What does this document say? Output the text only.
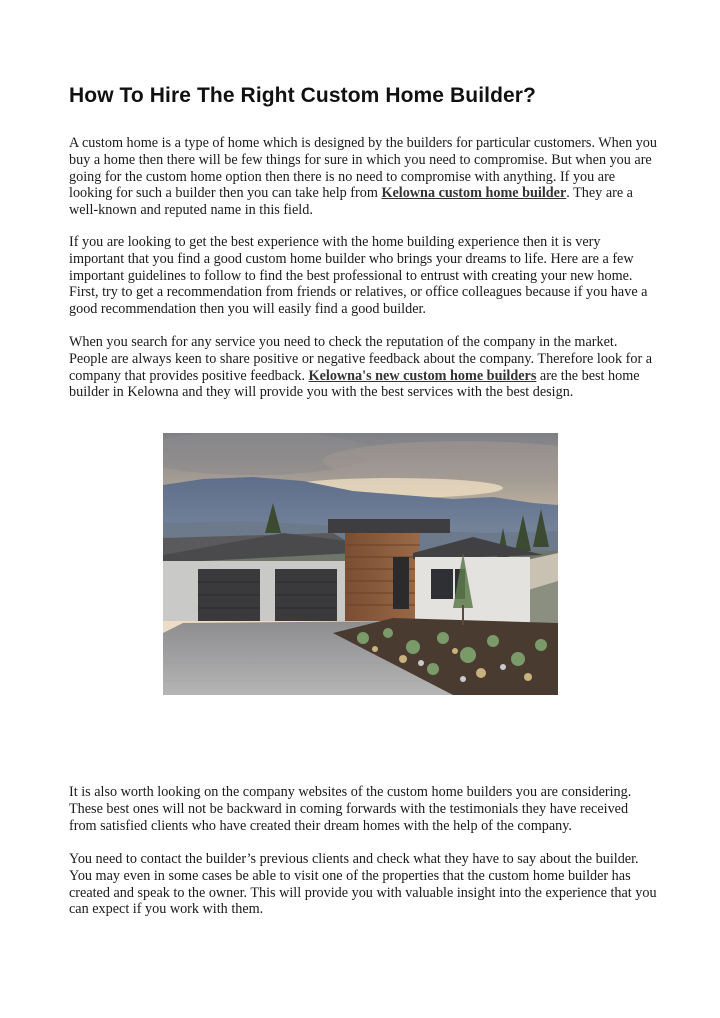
How To Hire The Right Custom Home Builder?

A custom home is a type of home which is designed by the builders for particular customers. When you buy a home then there will be few things for sure in which you need to compromise. But when you are going for the custom home option then there is no need to compromise with anything. If you are looking for such a builder then you can take help from Kelowna custom home builder. They are a well-known and reputed name in this field.

If you are looking to get the best experience with the home building experience then it is very important that you find a good custom home builder who brings your dreams to life. Here are a few important guidelines to follow to find the best professional to entrust with creating your new home. First, try to get a recommendation from friends or relatives, or office colleagues because if you have a good recommendation then you will easily find a good builder.

When you search for any service you need to check the reputation of the company in the market. People are always keen to share positive or negative feedback about the company. Therefore look for a company that provides positive feedback. Kelowna's new custom home builders are the best home builder in Kelowna and they will provide you with the best services with the best design.

It is also worth looking on the company websites of the custom home builders you are considering. These best ones will not be backward in coming forwards with the testimonials they have received from satisfied clients who have created their dream homes with the help of the company.

You need to contact the builder’s previous clients and check what they have to say about the builder. You may even in some cases be able to visit one of the properties that the custom home builder has created and speak to the owner. This will provide you with valuable insight into the experience that you can expect if you work with them.
